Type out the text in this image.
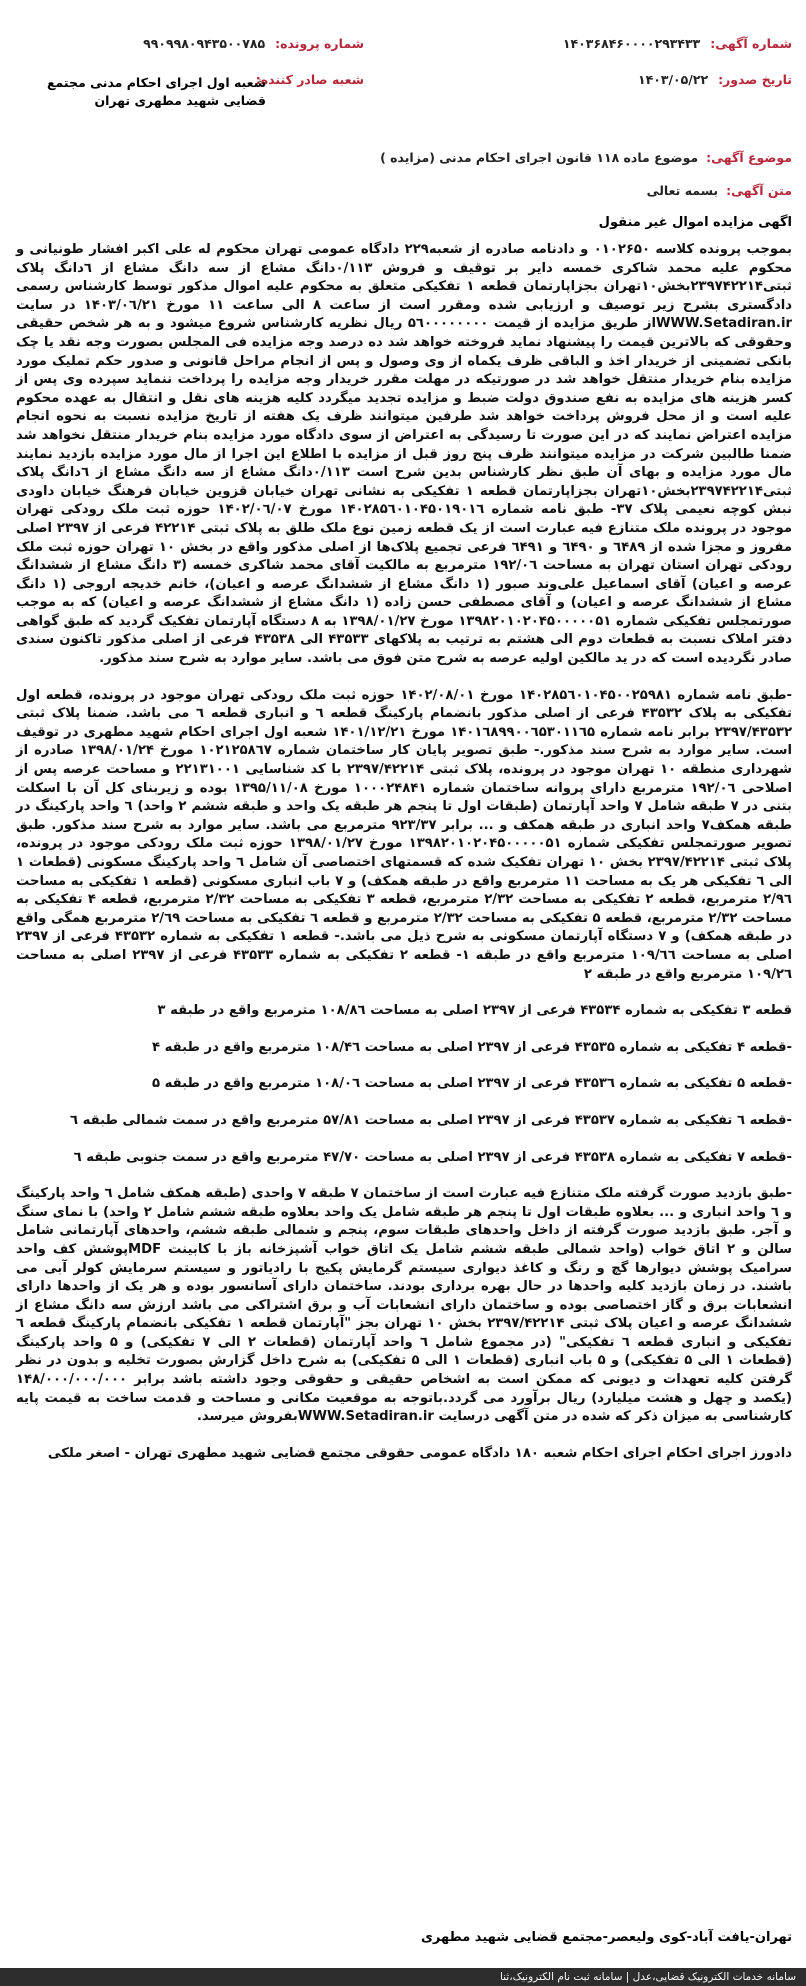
شماره آگهی: ۱۴۰۳۶۸۴۶۰۰۰۰۲۹۳۴۳۳
شماره پرونده: ۹۹۰۹۹۸۰۹۴۳۵۰۰۷۸۵
تاریخ صدور: ۱۴۰۳/۰۵/۲۲
شعبه صادر کننده:
شعبه اول اجرای احکام مدنی مجتمع قضایی شهید مطهری تهران
موضوع آگهی: موضوع ماده ۱۱۸ قانون اجرای احکام مدنی (مزایده )
متن آگهی: بسمه تعالی
اگهی مزایده اموال غیر منقول

بموجب پرونده کلاسه ۰۱۰۲۶۵۰ و دادنامه صادره از شعبه۲۲۹ دادگاه عمومی تهران محکوم له علی اکبر افشار طونیانی و محکوم علیه محمد شاکری خمسه دایر بر توقیف و فروش ۰/۱۱۳دانگ مشاع از سه دانگ مشاع از ٦دانگ پلاک ثبتی۲۳۹۷۴۲۲۱۴بخش۱۰تهران بجزاپارتمان قطعه ۱ تفکیکی متعلق به محکوم علیه اموال مذکور توسط کارشناس رسمی دادگستری بشرح زیر توصیف و ارزیابی شده ومقرر است از ساعت ۸ الی ساعت ۱۱ مورخ ۱۴۰۳/۰٦/۲۱ در سایت WWW.Setadiran.irاز طریق مزایده از قیمت ۵٦۰۰۰۰۰۰۰۰ ریال نظریه کارشناس شروع میشود و به هر شخص حقیقی وحقوقی که بالاترین قیمت را پیشنهاد نماید فروخته خواهد شد ده درصد وجه مزایده فی المجلس بصورت وجه نقد یا چک بانکی تضمینی از خریدار اخذ و الباقی ظرف یکماه از وی وصول و پس از انجام مراحل قانونی و صدور حکم تملیک مورد مزایده بنام خریدار منتقل خواهد شد در صورتیکه در مهلت مقرر خریدار وجه مزایده را پرداخت ننماید سپرده وی پس از کسر هزینه های مزایده به نفع صندوق دولت ضبط و مزایده تجدید میگردد کلیه هزینه های نقل و انتقال به عهده محکوم علیه است و از محل فروش پرداخت خواهد شد طرفین میتوانند ظرف یک هفته از تاریخ مزایده نسبت به نحوه انجام مزایده اعتراض نمایند که در این صورت تا رسیدگی به اعتراض از سوی دادگاه مورد مزایده بنام خریدار منتقل نخواهد شد ضمنا طالبین شرکت در مزایده میتوانند ظرف پنج روز قبل از مزایده با اطلاع این اجرا از مال مورد مزایده بازدید نمایند مال مورد مزایده و بهای آن طبق نظر کارشناس بدین شرح است ۰/۱۱۳دانگ مشاع از سه دانگ مشاع از ٦دانگ پلاک ثبتی۲۳۹۷۴۲۲۱۴بخش۱۰تهران بجزاپارتمان قطعه ۱ تفکیکی به نشانی تهران خیابان قزوین خیابان فرهنگ خیابان داودی نبش کوچه نعیمی پلاک ۳۷- طبق نامه شماره ۱۴۰۲۸۵٦۰۱۰۴۵۰۱۹۰۱٦ مورخ ۱۴۰۲/۰٦/۰۷ حوزه ثبت ملک رودکی تهران موجود در پرونده ملک متنازع فیه عبارت است از یک قطعه زمین نوع ملک طلق به پلاک ثبتی ۴۲۲۱۴ فرعی از ۲۳۹۷ اصلی مفروز و مجزا شده از ٦۴۸۹ و ٦۴۹۰ و ٦۴۹۱ فرعی تجمیع پلاک‌ها از اصلی مذکور واقع در بخش ۱۰ تهران حوزه ثبت ملک رودکی تهران استان تهران به مساحت ۱۹۲/۰٦ مترمربع به مالکیت آقای محمد شاکری خمسه (۳ دانگ مشاع از ششدانگ عرصه و اعیان) آقای اسماعیل علی‌وند صبور (۱ دانگ مشاع از ششدانگ عرصه و اعیان)، خانم خدیجه اروجی (۱ دانگ مشاع از ششدانگ عرصه و اعیان) و آقای مصطفی حسن زاده (۱ دانگ مشاع از ششدانگ عرصه و اعیان) که به موجب صورتمجلس تفکیکی شماره ۱۳۹۸۲۰۱۰۲۰۴۵۰۰۰۰۰۵۱ مورخ ۱۳۹۸/۰۱/۲۷ به ۸ دستگاه آپارتمان تفکیک گردید که طبق گواهی دفتر املاک نسبت به قطعات دوم الی هشتم به ترتیب به پلاکهای ۴۳۵۳۳ الی ۴۳۵۳۸ فرعی از اصلی مذکور تاکنون سندی صادر نگردیده است که در ید مالکین اولیه عرصه به شرح متن فوق می باشد. سایر موارد به شرح سند مذکور.

-طبق نامه شماره ۱۴۰۲۸۵٦۰۱۰۴۵۰۰۲۵۹۸۱ مورخ ۱۴۰۲/۰۸/۰۱ حوزه ثبت ملک رودکی تهران موجود در پرونده، قطعه اول تفکیکی به پلاک ۴۳۵۳۲ فرعی از اصلی مذکور بانضمام پارکینگ قطعه ٦ و انباری قطعه ٦ می باشد. ضمنا پلاک ثبتی ۲۳۹۷/۴۳۵۳۲ برابر نامه شماره ۱۴۰۱٦۸۹۹۰۰٦۵۳۰۱۱٦۵ مورخ ۱۴۰۱/۱۲/۲۱ شعبه اول اجرای احکام شهید مطهری در توقیف است. سایر موارد به شرح سند مذکور.- طبق تصویر پایان کار ساختمان شماره ۱۰۲۱۲۵۸٦۷ مورخ ۱۳۹۸/۰۱/۲۴ صادره از شهرداری منطقه ۱۰ تهران موجود در پرونده، پلاک ثبتی ۲۳۹۷/۴۲۲۱۴ با کد شناسایی ۲۲۱۳۱۰۰۱ و مساحت عرصه پس از اصلاحی ۱۹۲/۰٦ مترمربع دارای پروانه ساختمان شماره ۱۰۰۰۲۴۸۴۱ مورخ ۱۳۹۵/۱۱/۰۸ بوده و زیربنای کل آن با اسکلت بتنی در ۷ طبقه شامل ۷ واحد آپارتمان (طبقات اول تا پنجم هر طبقه یک واحد و طبقه ششم ۲ واحد) ٦ واحد پارکینگ در طبقه همکف۷ واحد انباری در طبقه همکف و ... برابر ۹۲۳/۳۷ مترمربع می باشد. سایر موارد به شرح سند مذکور. طبق تصویر صورتمجلس تفکیکی شماره ۱۳۹۸۲۰۱۰۲۰۴۵۰۰۰۰۰۵۱ مورخ ۱۳۹۸/۰۱/۲۷ حوزه ثبت ملک رودکی موجود در پرونده، پلاک ثبتی ۲۳۹۷/۴۲۲۱۴ بخش ۱۰ تهران تفکیک شده که قسمتهای اختصاصی آن شامل ٦ واحد پارکینگ مسکونی (قطعات ۱ الی ٦ تفکیکی هر یک به مساحت ۱۱ مترمربع واقع در طبقه همکف) و ۷ باب انباری مسکونی (قطعه ۱ تفکیکی به مساحت ۲/۹٦ مترمربع، قطعه ۲ تفکیکی به مساحت ۲/۳۲ مترمربع، قطعه ۳ تفکیکی به مساحت ۲/۳۲ مترمربع، قطعه ۴ تفکیکی به مساحت ۲/۳۲ مترمربع، قطعه ۵ تفکیکی به مساحت ۲/۳۲ مترمربع و قطعه ٦ تفکیکی به مساحت ۲/٦۹ مترمربع همگی واقع در طبقه همکف) و ۷ دستگاه آپارتمان مسکونی به شرح ذیل می باشد.- قطعه ۱ تفکیکی به شماره ۴۳۵۳۲ فرعی از ۲۳۹۷ اصلی به مساحت ۱۰۹/٦٦ مترمربع واقع در طبقه ۱- قطعه ۲ تفکیکی به شماره ۴۳۵۳۳ فرعی از ۲۳۹۷ اصلی به مساحت ۱۰۹/۲٦ مترمربع واقع در طبقه ۲

قطعه ۳ تفکیکی به شماره ۴۳۵۳۴ فرعی از ۲۳۹۷ اصلی به مساحت ۱۰۸/۸٦ مترمربع واقع در طبقه ۳

-قطعه ۴ تفکیکی به شماره ۴۳۵۳۵ فرعی از ۲۳۹۷ اصلی به مساحت ۱۰۸/۴٦ مترمربع واقع در طبقه ۴

-قطعه ۵ تفکیکی به شماره ۴۳۵۳٦ فرعی از ۲۳۹۷ اصلی به مساحت ۱۰۸/۰٦ مترمربع واقع در طبقه ۵

-قطعه ٦ تفکیکی به شماره ۴۳۵۳۷ فرعی از ۲۳۹۷ اصلی به مساحت ۵۷/۸۱ مترمربع واقع در سمت شمالی طبقه ٦

-قطعه ۷ تفکیکی به شماره ۴۳۵۳۸ فرعی از ۲۳۹۷ اصلی به مساحت ۴۷/۷۰ مترمربع واقع در سمت جنوبی طبقه ٦

-طبق بازدید صورت گرفته ملک متنازع فیه عبارت است از ساختمان ۷ طبقه ۷ واحدی (طبقه همکف شامل ٦ واحد پارکینگ و ٦ واحد انباری و ... بعلاوه طبقات اول تا پنجم هر طبقه شامل یک واحد بعلاوه طبقه ششم شامل ۲ واحد) با نمای سنگ و آجر. طبق بازدید صورت گرفته از داخل واحدهای طبقات سوم، پنجم و شمالی طبقه ششم، واحدهای آپارتمانی شامل سالن و ۲ اتاق خواب (واحد شمالی طبقه ششم شامل یک اتاق خواب آشپزخانه باز با کابینت MDFپوشش کف واحد سرامیک پوشش دیوارها گچ و رنگ و کاغذ دیواری سیستم گرمایش پکیج با رادیاتور و سیستم سرمایش کولر آبی می باشند. در زمان بازدید کلیه واحدها در حال بهره برداری بودند. ساختمان دارای آسانسور بوده و هر یک از واحدها دارای انشعابات برق و گاز اختصاصی بوده و ساختمان دارای انشعابات آب و برق اشتراکی می باشد ارزش سه دانگ مشاع از ششدانگ عرصه و اعیان پلاک ثبتی ۲۳۹۷/۴۲۲۱۴ بخش ۱۰ تهران بجز "آپارتمان قطعه ۱ تفکیکی بانضمام پارکینگ قطعه ٦ تفکیکی و انباری قطعه ٦ تفکیکی" (در مجموع شامل ٦ واحد آپارتمان (قطعات ۲ الی ۷ تفکیکی) و ۵ واحد پارکینگ (قطعات ۱ الی ۵ تفکیکی) و ۵ باب انباری (قطعات ۱ الی ۵ تفکیکی) به شرح داخل گزارش بصورت تخلیه و بدون در نظر گرفتن کلیه تعهدات و دیونی که ممکن است به اشخاص حقیقی و حقوقی وجود داشته باشد برابر ۱۴۸/۰۰۰/۰۰۰/۰۰۰ (یکصد و چهل و هشت میلیارد) ریال برآورد می گردد.باتوجه به موقعیت مکانی و مساحت و قدمت ساخت به قیمت پایه کارشناسی به میزان ذکر که شده در متن آگهی درسایت WWW.Setadiran.irبفروش میرسد.

دادورز اجرای احکام اجرای احکام شعبه ۱۸۰ دادگاه عمومی حقوقی مجتمع قضایی شهید مطهری تهران - اصغر ملکی

تهران-یافت آباد-کوی ولیعصر-مجتمع قضایی شهید مطهری
سامانه خدمات الکترونیک قضایی،عدل | سامانه ثبت نام الکترونیک،ثنا
